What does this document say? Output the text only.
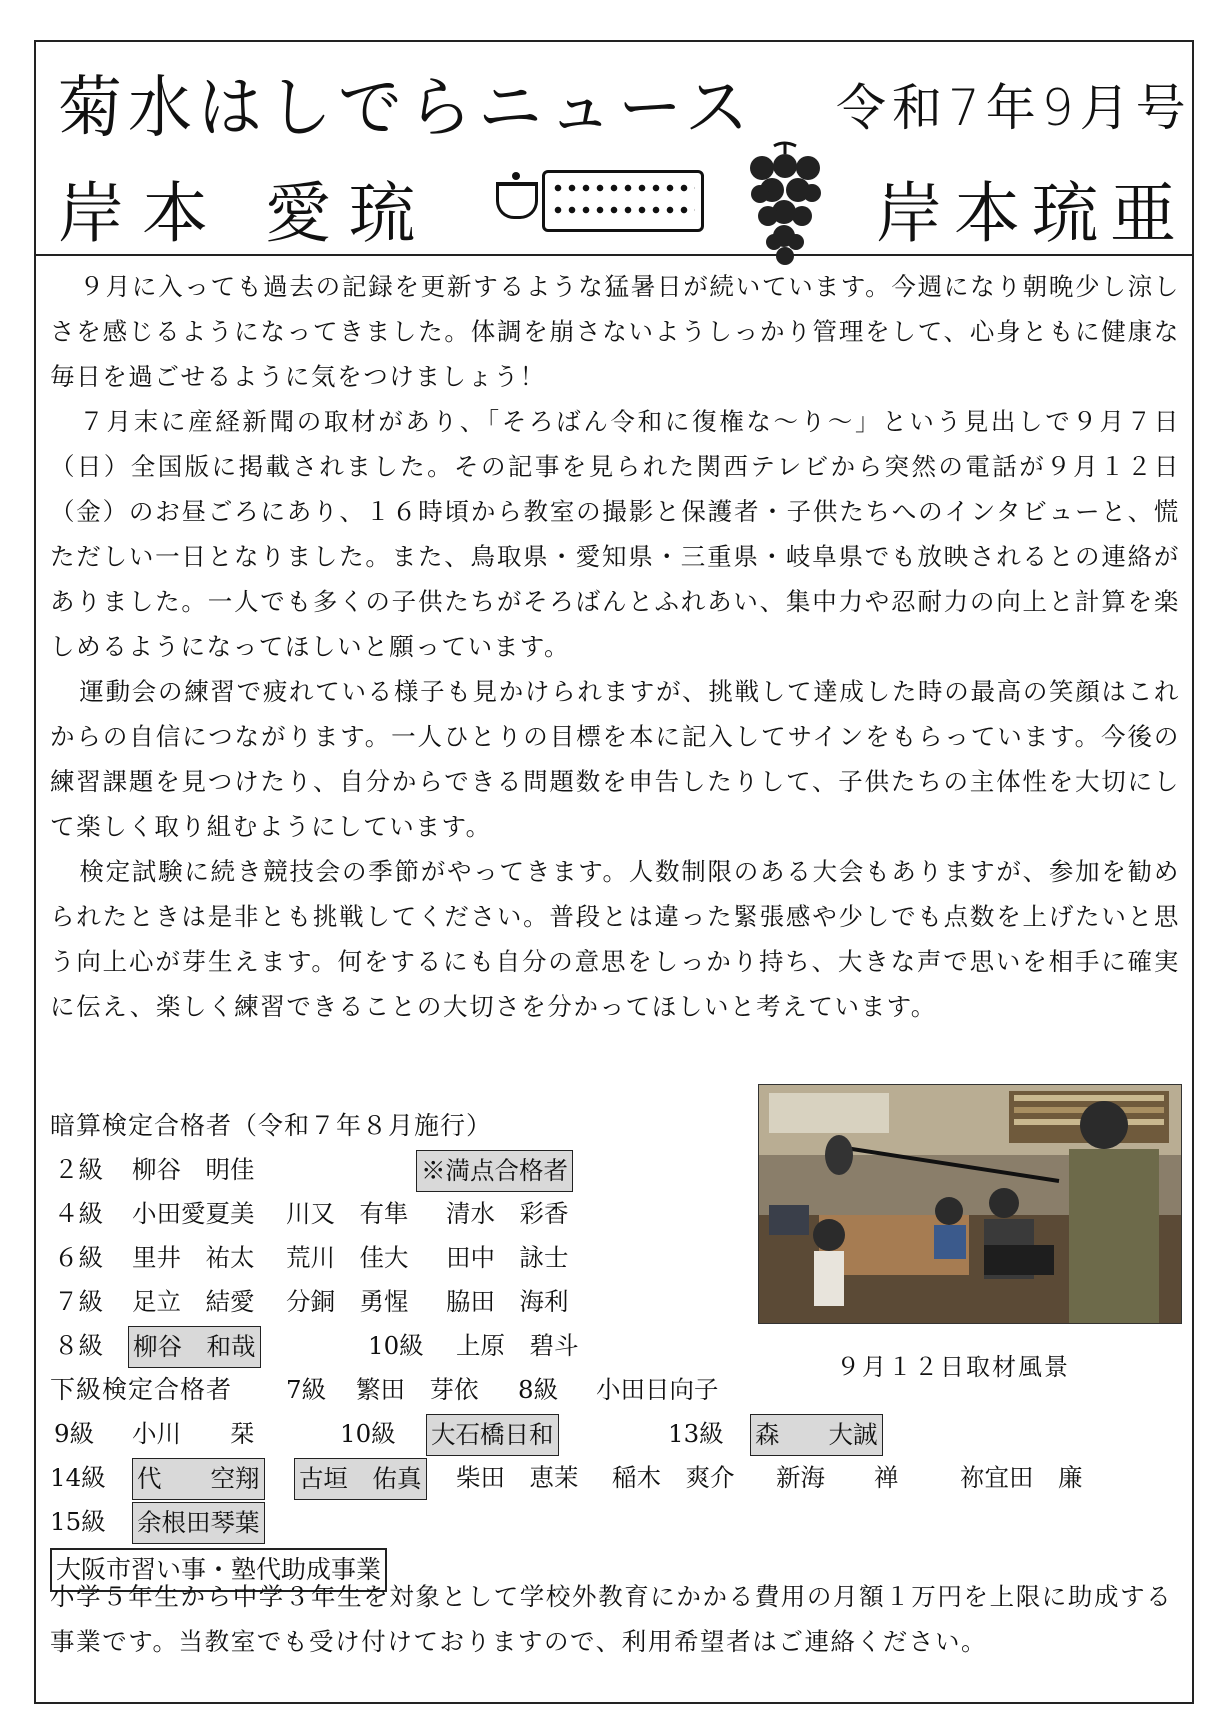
菊水はしでらニュース 令和7年9月号
岸本 愛琉	岸本琉亜

９月に入っても過去の記録を更新するような猛暑日が続いています。今週になり朝晩少し涼しさを感じるようになってきました。体調を崩さないようしっかり管理をして、心身ともに健康な毎日を過ごせるように気をつけましょう！

７月末に産経新聞の取材があり、「そろばん令和に復権な〜り〜」という見出しで９月７日（日）全国版に掲載されました。その記事を見られた関西テレビから突然の電話が９月１２日（金）のお昼ごろにあり、１６時頃から教室の撮影と保護者・子供たちへのインタビューと、慌ただしい一日となりました。また、鳥取県・愛知県・三重県・岐阜県でも放映されるとの連絡がありました。一人でも多くの子供たちがそろばんとふれあい、集中力や忍耐力の向上と計算を楽しめるようになってほしいと願っています。

運動会の練習で疲れている様子も見かけられますが、挑戦して達成した時の最高の笑顔はこれからの自信につながります。一人ひとりの目標を本に記入してサインをもらっています。今後の練習課題を見つけたり、自分からできる問題数を申告したりして、子供たちの主体性を大切にして楽しく取り組むようにしています。

検定試験に続き競技会の季節がやってきます。人数制限のある大会もありますが、参加を勧められたときは是非とも挑戦してください。普段とは違った緊張感や少しでも点数を上げたいと思う向上心が芽生えます。何をするにも自分の意思をしっかり持ち、大きな声で思いを相手に確実に伝え、楽しく練習できることの大切さを分かってほしいと考えています。

９月１２日取材風景
暗算検定合格者（令和７年８月施行）
２級 柳谷　明佳	※満点合格者
４級 小田愛夏美 川又　有隼 清水　彩香
６級 里井　祐太 荒川　佳大 田中　詠士
７級 足立　結愛 分銅　勇惺 脇田　海利
８級 柳谷　和哉	10級 上原　碧斗
下級検定合格者 7級 繁田　芽依 8級 小田日向子
9級 小川　　栞	10級 大石橋日和	13級 森　　大誠
14級 代　　空翔 古垣　佑真 柴田　恵茉 稲木　爽介 新海　　禅	祢宜田　廉
15級 余根田琴葉
大阪市習い事・塾代助成事業

小学５年生から中学３年生を対象として学校外教育にかかる費用の月額１万円を上限に助成する事業です。当教室でも受け付けておりますので、利用希望者はご連絡ください。
